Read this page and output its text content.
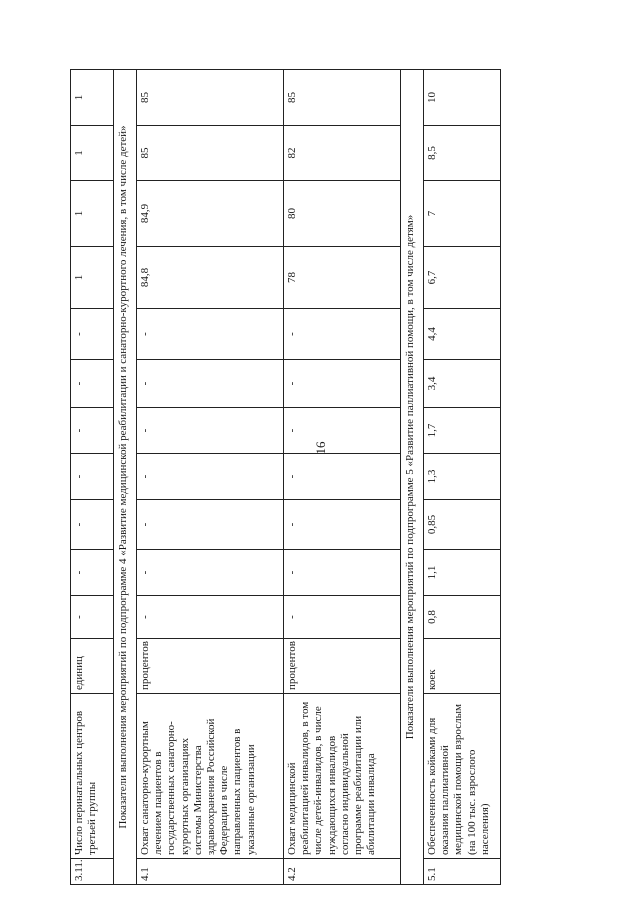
16
3.11.	Число перинатальных центров третьей группы	единиц	-	-	-	-	-	-	-	1	1	1	1
Показатели выполнения мероприятий по подпрограмме 4 «Развитие медицинской реабилитации и санаторно-курортного лечения, в том числе детей»													
4.1	Охват санаторно-курортным лечением пациентов в государственных санаторно-курортных организациях системы Министерства здравоохранения Российской Федерации в числе направленных пациентов в указанные организации	процентов	-	-	-	-	-	-	-	84,8	84,9	85	85
4.2	Охват медицинской реабилитацией инвалидов, в том числе детей-инвалидов, в числе нуждающихся инвалидов согласно индивидуальной программе реабилитации или абилитации инвалида	процентов	-	-	-	-	-	-	-	78	80	82	85
Показатели выполнения мероприятий по подпрограмме 5 «Развитие паллиативной помощи, в том числе детям»													
5.1	Обеспеченность койками для оказания паллиативной медицинской помощи взрослым (на 100 тыс. взрослого населения)	коек	0,8	1,1	0,85	1,3	1,7	3,4	4,4	6,7	7	8,5	10
